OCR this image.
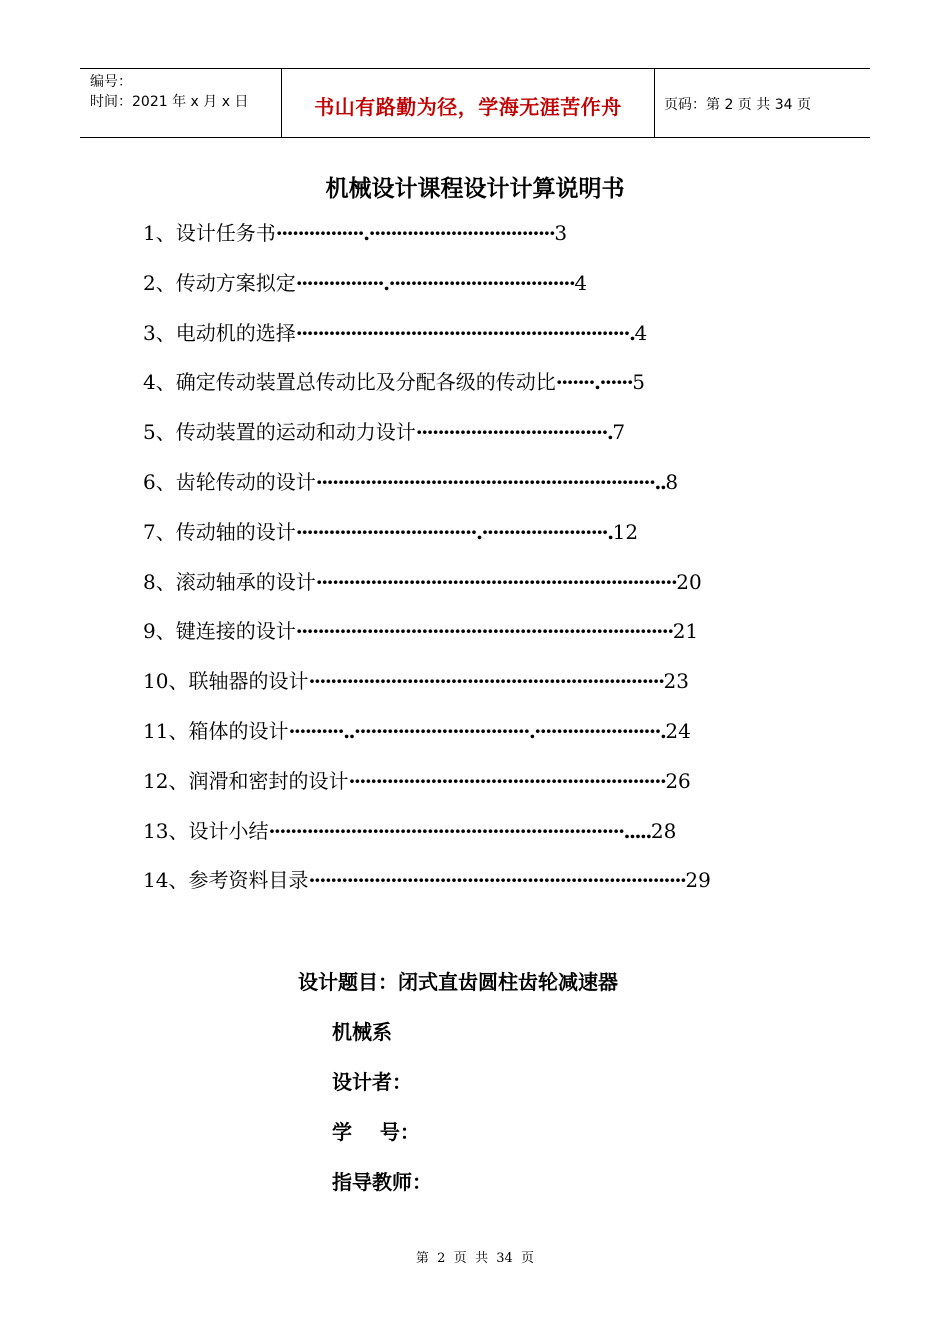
编号：
时间：2021 年 x 月 x 日	书山有路勤为径，学海无涯苦作舟	页码：第 2 页 共 34 页
机械设计课程设计计算说明书
1、设计任务书················.··································3
2、传动方案拟定················.··································4
3、电动机的选择·····························································.4
4、确定传动装置总传动比及分配各级的传动比·······.······5
5、传动装置的运动和动力设计···································.7
6、齿轮传动的设计······························································..8
7、传动轴的设计·································.·······················.12
8、滚动轴承的设计··································································20
9、键连接的设计·····································································21
10、联轴器的设计·································································23
11、箱体的设计··········..································.·······················.24
12、润滑和密封的设计··························································26
13、设计小结·································································.....28
14、参考资料目录·····································································29
设计题目：闭式直齿圆柱齿轮减速器
机械系
设计者：
学    号：
指导教师：
第  2  页  共  34  页
